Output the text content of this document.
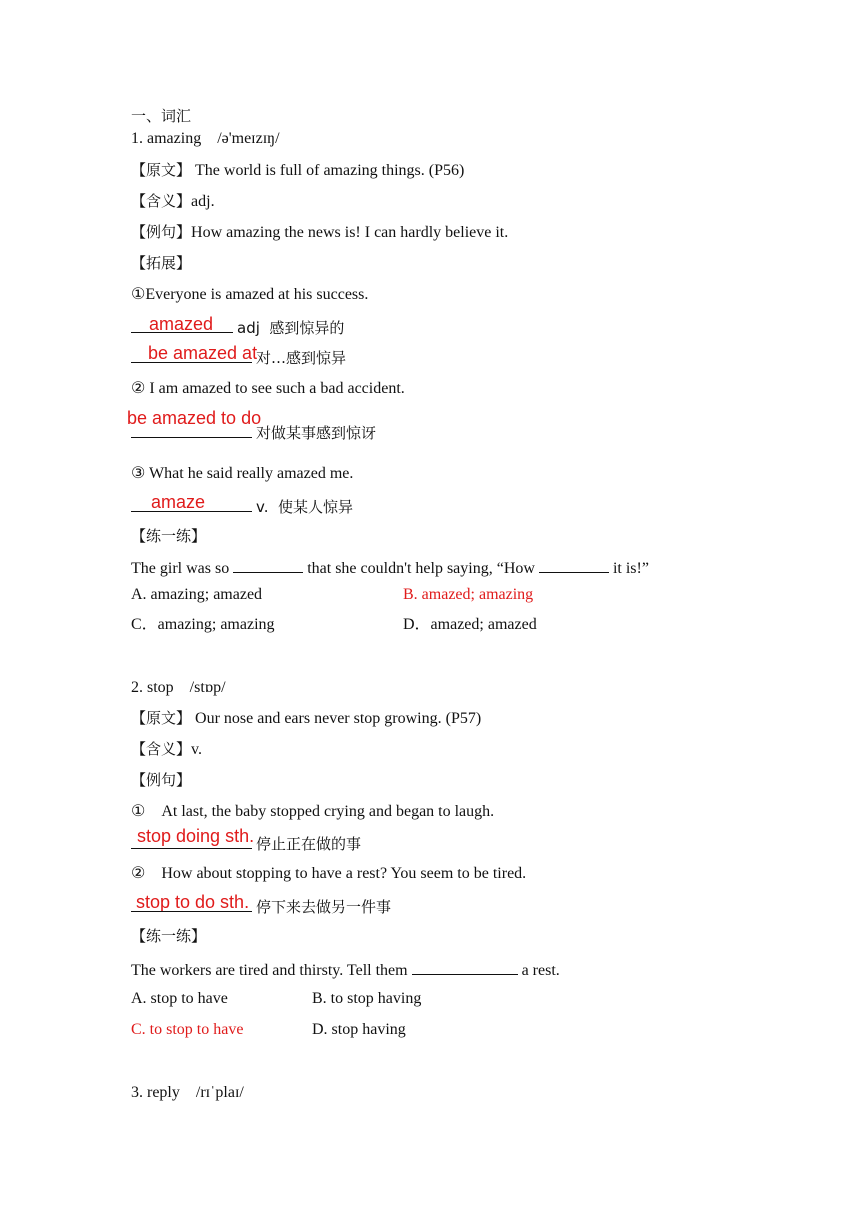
一、词汇
1. amazing　/ə'meɪzɪŋ/
【原文】 The world is full of amazing things. (P56)
【含义】adj.
【例句】How amazing the news is! I can hardly believe it.
【拓展】
①Everyone is amazed at his success.
amazed	adj  感到惊异的
be amazed at
对…感到惊异
② I am amazed to see such a bad accident.
be amazed to do
对做某事感到惊讶
③ What he said really amazed me.
amaze	v.  使某人惊异
【练一练】
The girl was so	that she couldn't help saying, “How	it is!”
A. amazing; amazed	B. amazed; amazing
C．amazing; amazing	D．amazed; amazed
2. stop　/stɒp/
【原文】 Our nose and ears never stop growing. (P57)
【含义】v.
【例句】
①　At last, the baby stopped crying and began to laugh.
stop doing sth. 停止正在做的事
②　How about stopping to have a rest? You seem to be tired.
stop to do sth. 停下来去做另一件事
【练一练】
The workers are tired and thirsty. Tell them	a rest.
A. stop to have	B. to stop having
C. to stop to have	D. stop having
3. reply　/rɪˈplaɪ/
